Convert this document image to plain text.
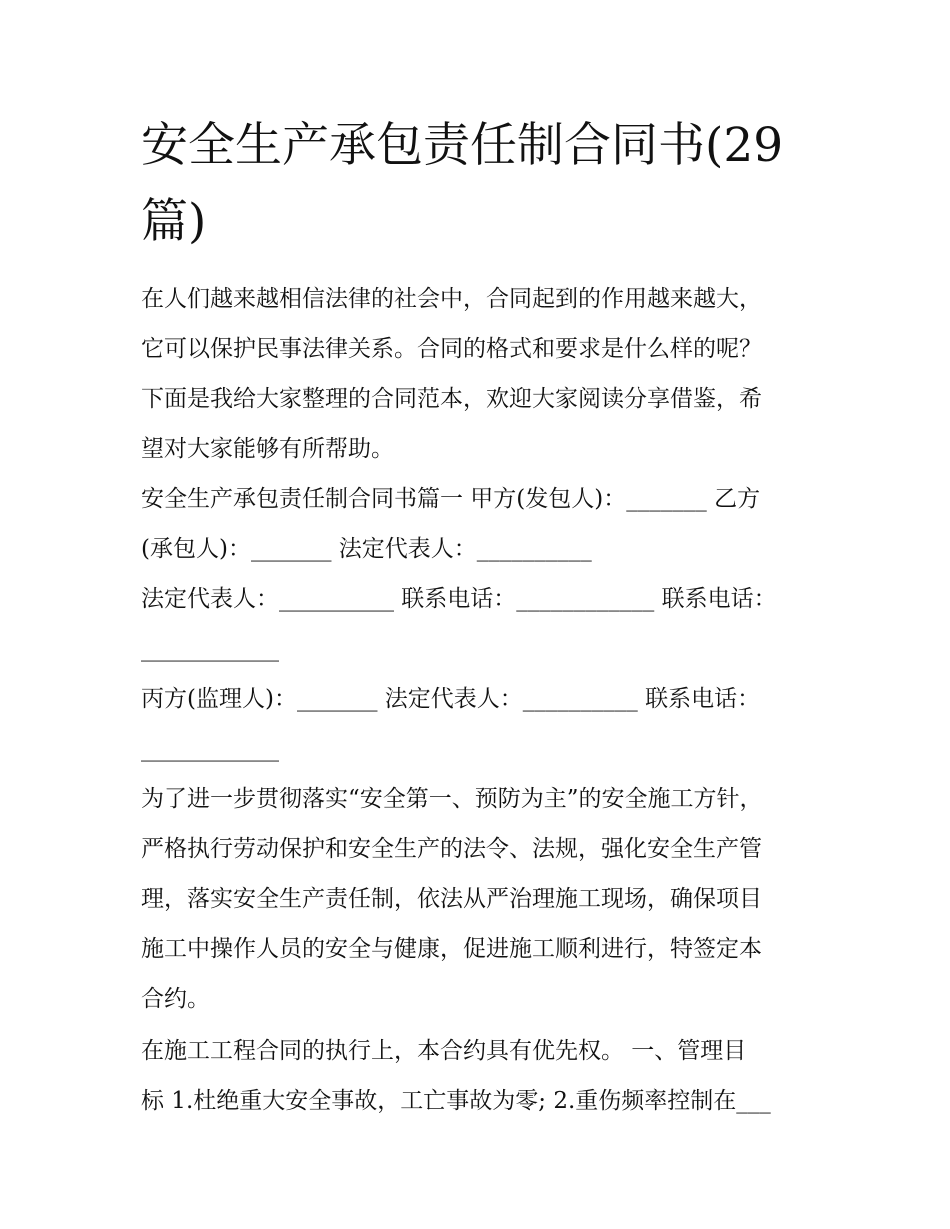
安全生产承包责任制合同书(29
篇)
在人们越来越相信法律的社会中，合同起到的作用越来越大，
它可以保护民事法律关系。合同的格式和要求是什么样的呢？
下面是我给大家整理的合同范本，欢迎大家阅读分享借鉴，希
望对大家能够有所帮助。
安全生产承包责任制合同书篇一 甲方(发包人)：_______ 乙方
(承包人)：_______ 法定代表人：__________
法定代表人：__________ 联系电话：____________ 联系电话：
____________
丙方(监理人)：_______ 法定代表人：__________ 联系电话：
____________
为了进一步贯彻落实“安全第一、预防为主”的安全施工方针，
严格执行劳动保护和安全生产的法令、法规，强化安全生产管
理，落实安全生产责任制，依法从严治理施工现场，确保项目
施工中操作人员的安全与健康，促进施工顺利进行，特签定本
合约。
在施工工程合同的执行上，本合约具有优先权。 一、管理目
标 1.杜绝重大安全事故，工亡事故为零; 2.重伤频率控制在___
